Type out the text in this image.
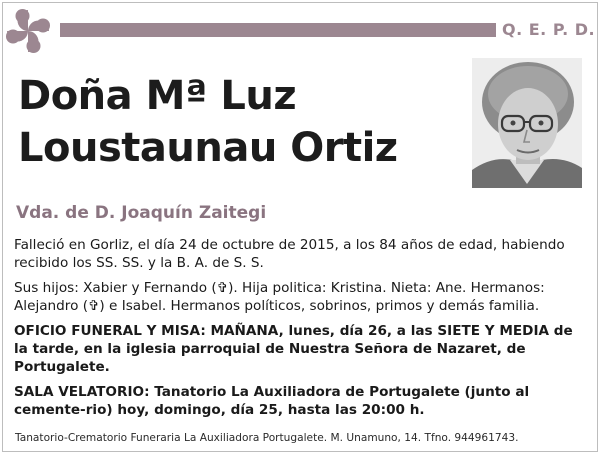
Q. E. P. D.
Doña Mª Luz
Loustaunau Ortiz
Vda. de D. Joaquín Zaitegi

Falleció en Gorliz, el día 24 de octubre de 2015, a los 84 años de edad, habiendo recibido los SS. SS. y la B. A. de S. S.

Sus hijos: Xabier y Fernando (✞). Hija politica: Kristina. Nieta: Ane. Hermanos: Alejandro (✞) e Isabel. Hermanos políticos, sobrinos, primos y demás familia.

OFICIO FUNERAL Y MISA: MAÑANA, lunes, día 26, a las SIETE Y MEDIA de la tarde, en la iglesia parroquial de Nuestra Señora de Nazaret, de Portugalete.

SALA VELATORIO: Tanatorio La Auxiliadora de Portugalete (junto al cemente-rio) hoy, domingo, día 25, hasta las 20:00 h.

Tanatorio-Crematorio Funeraria La Auxiliadora Portugalete. M. Unamuno, 14. Tfno. 944961743.
